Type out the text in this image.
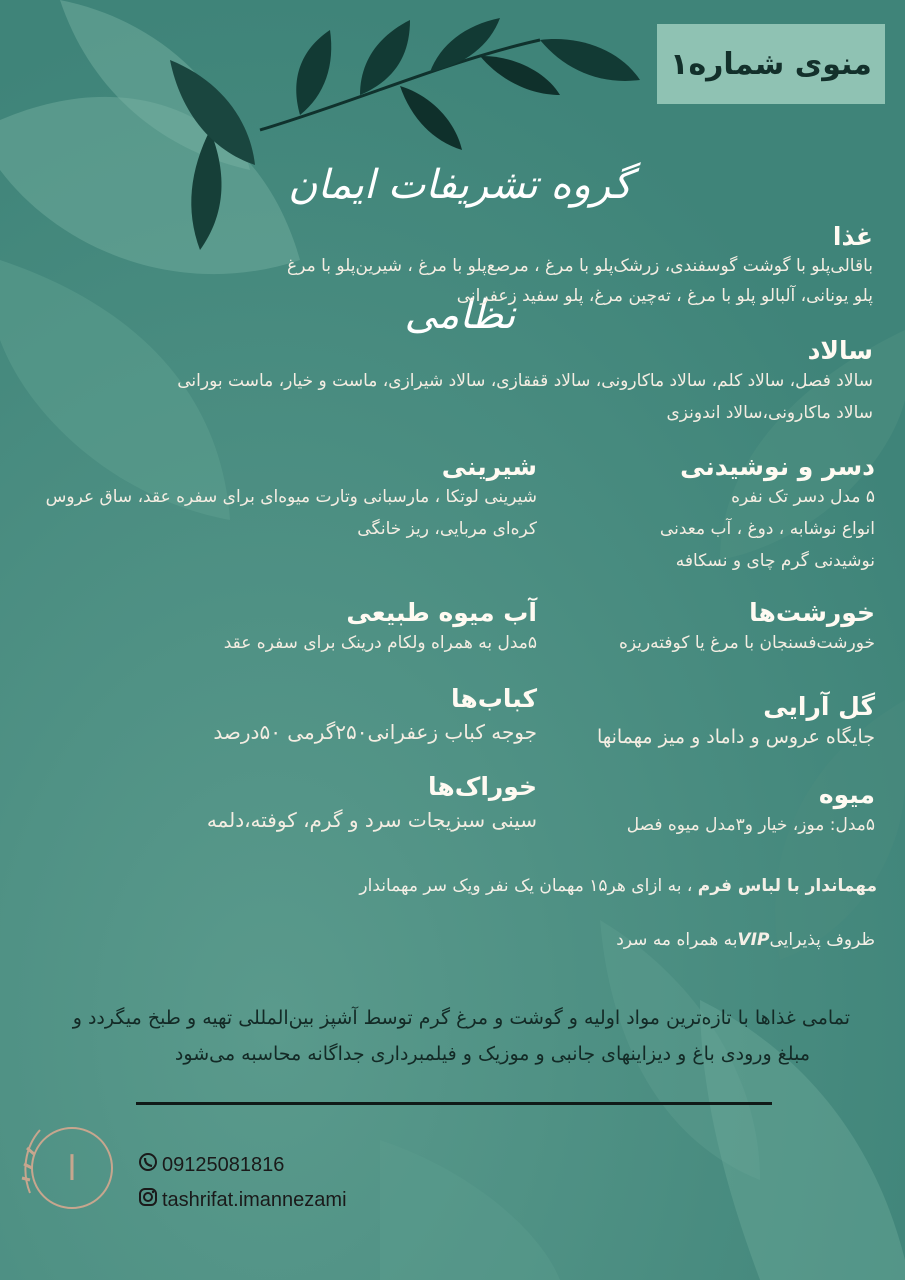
منوی شماره۱
گروه تشریفات ایمان نظامی
غذا

باقالی‌پلو با گوشت گوسفندی، زرشک‌پلو با مرغ ، مرصع‌پلو با مرغ ، شیرین‌پلو با مرغ

پلو یونانی، آلبالو پلو با مرغ ، ته‌چین مرغ، پلو سفید زعفرانی

سالاد

سالاد فصل، سالاد کلم، سالاد ماکارونی، سالاد قفقازی، سالاد شیرازی، ماست و خیار، ماست بورانی

سالاد ماکارونی،سالاد اندونزی

دسر و نوشیدنی

۵ مدل دسر تک نفره

انواع نوشابه ، دوغ ، آب معدنی

نوشیدنی گرم چای و نسکافه

خورشت‌ها

خورشت‌فسنجان با مرغ یا کوفته‌ریزه

گل آرایی

جایگاه عروس و داماد و میز مهمانها

میوه

۵مدل: موز، خیار و۳مدل میوه فصل

شیرینی

شیرینی لوتکا ، مارسبانی وتارت میوه‌ای برای سفره عقد، ساق عروس

کره‌ای مربایی، ریز خانگی

آب میوه طبیعی

۵مدل به همراه ولکام درینک برای سفره عقد

کباب‌ها

جوجه کباب زعفرانی۲۵۰گرمی ۵۰درصد

خوراک‌ها

سینی سبزیجات سرد و گرم، کوفته،دلمه

مهماندار با لباس فرم ، به ازای هر۱۵ مهمان یک نفر ویک سر مهماندار
ظروف پذیراییVIPبه همراه مه سرد
تمامی غذاها با تازه‌ترین مواد اولیه و گوشت و مرغ گرم توسط آشپز بین‌المللی تهیه و طبخ میگردد و
مبلغ ورودی باغ و دیزاینهای جانبی و موزیک و فیلمبرداری جداگانه محاسبه می‌شود
ا	09125081816
tashrifat.imannezami
